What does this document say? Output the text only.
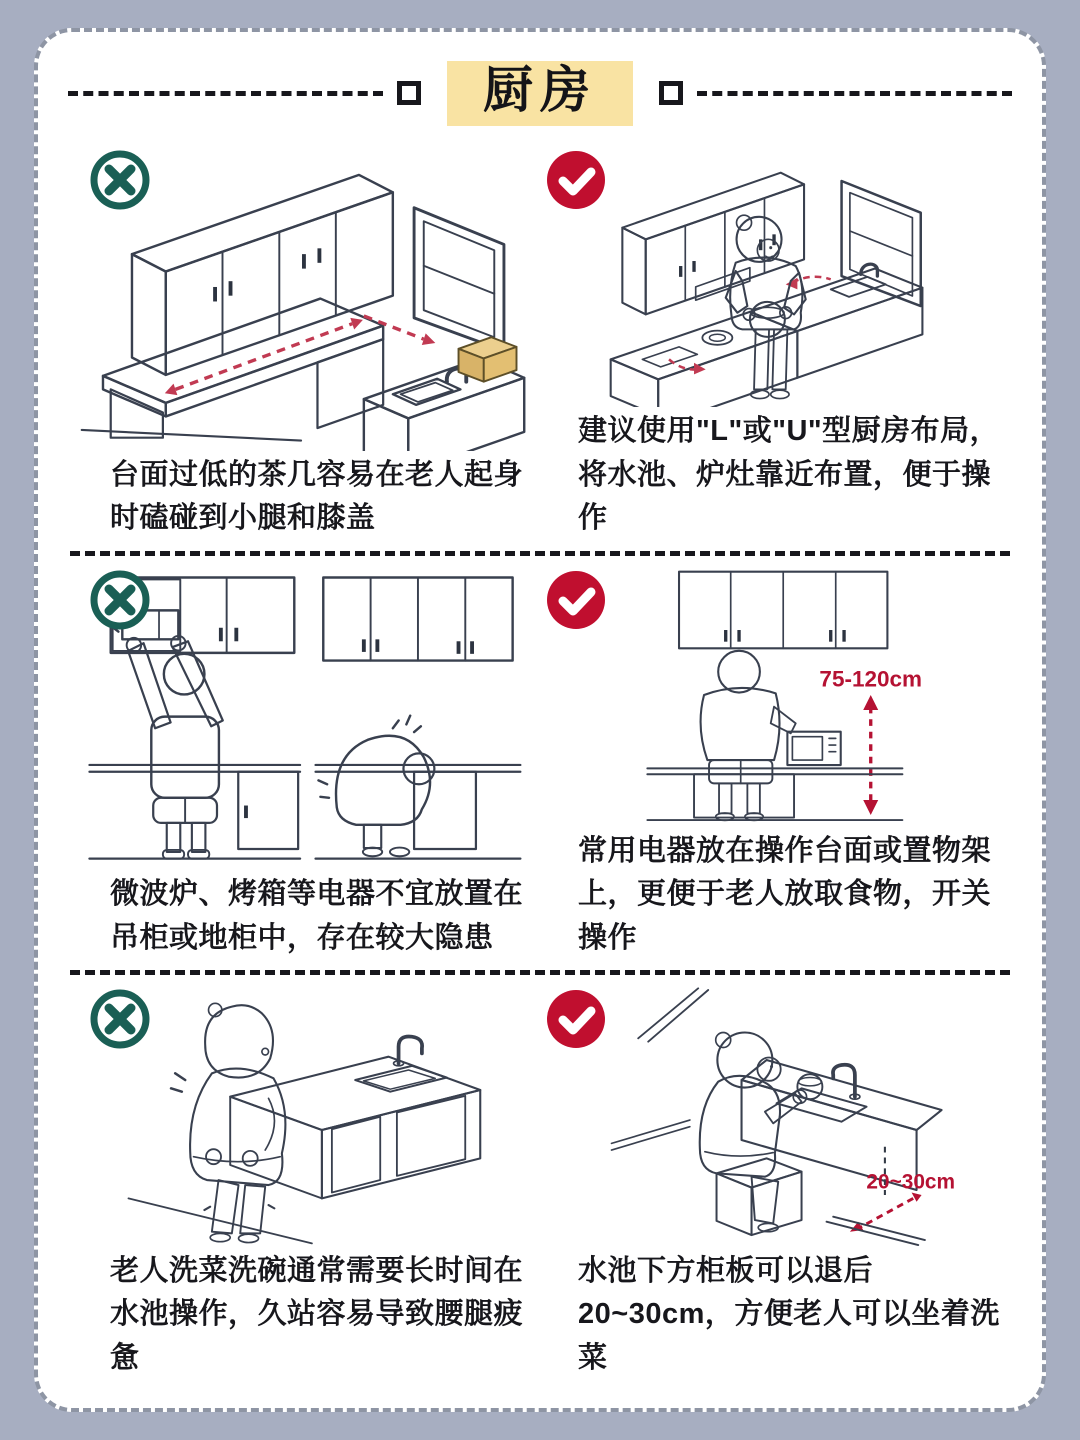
厨房
台面过低的茶几容易在老人起身时磕碰到小腿和膝盖
建议使用"L"或"U"型厨房布局，将水池、炉灶靠近布置，便于操作
微波炉、烤箱等电器不宜放置在吊柜或地柜中，存在较大隐患
75-120cm
常用电器放在操作台面或置物架上，更便于老人放取食物，开关操作
老人洗菜洗碗通常需要长时间在水池操作，久站容易导致腰腿疲惫
20~30cm
水池下方柜板可以退后20~30cm，方便老人可以坐着洗菜
